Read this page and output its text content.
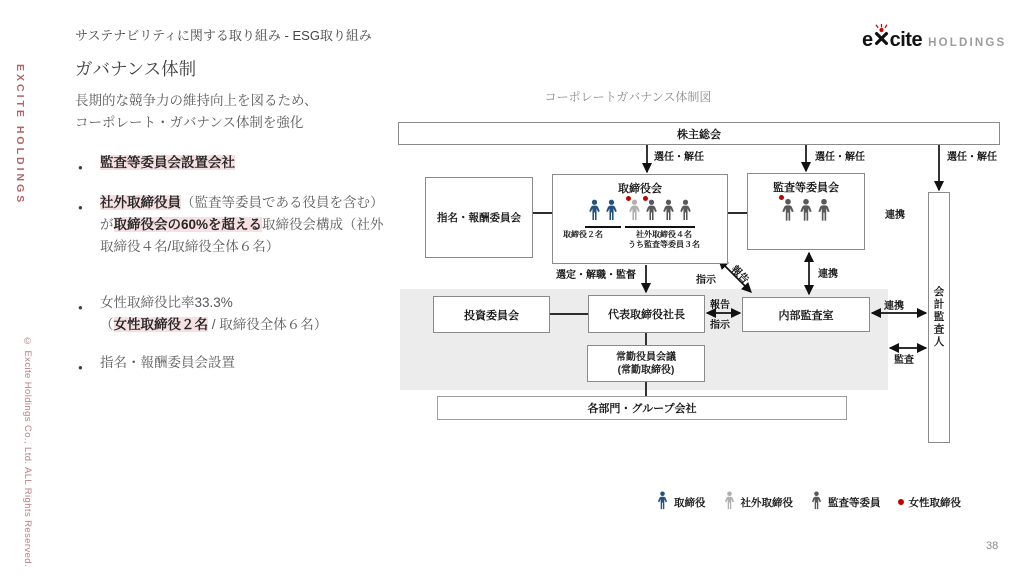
EXCITE HOLDINGS
© Excite Holdings Co., Ltd. ALL Rights Reserved.
サステナビリティに関する取り組み - ESG取り組み
ガバナンス体制
e cite HOLDINGS
長期的な競争力の維持向上を図るため、
コーポレート・ガバナンス体制を強化
● 監査等委員会設置会社
● 社外取締役員（監査等委員である役員を含む）が取締役会の60%を超える取締役会構成（社外取締役４名/取締役全体６名）
● 女性取締役比率33.3%
（女性取締役２名 / 取締役全体６名）
● 指名・報酬委員会設置
コーポレートガバナンス体制図
株主総会
指名・報酬委員会
取締役会
取締役２名	社外取締役４名
うち監査等委員３名
監査等委員会
会計監査人
投資委員会	代表取締役社長	内部監査室
常勤役員会議
(常勤取締役)
各部門・グループ会社
選任・解任	選任・解任	選任・解任
選定・解職・監督	指示 報告
報告
指示
連携
連携
連携
監査
取締役	社外取締役	監査等委員	女性取締役
38
